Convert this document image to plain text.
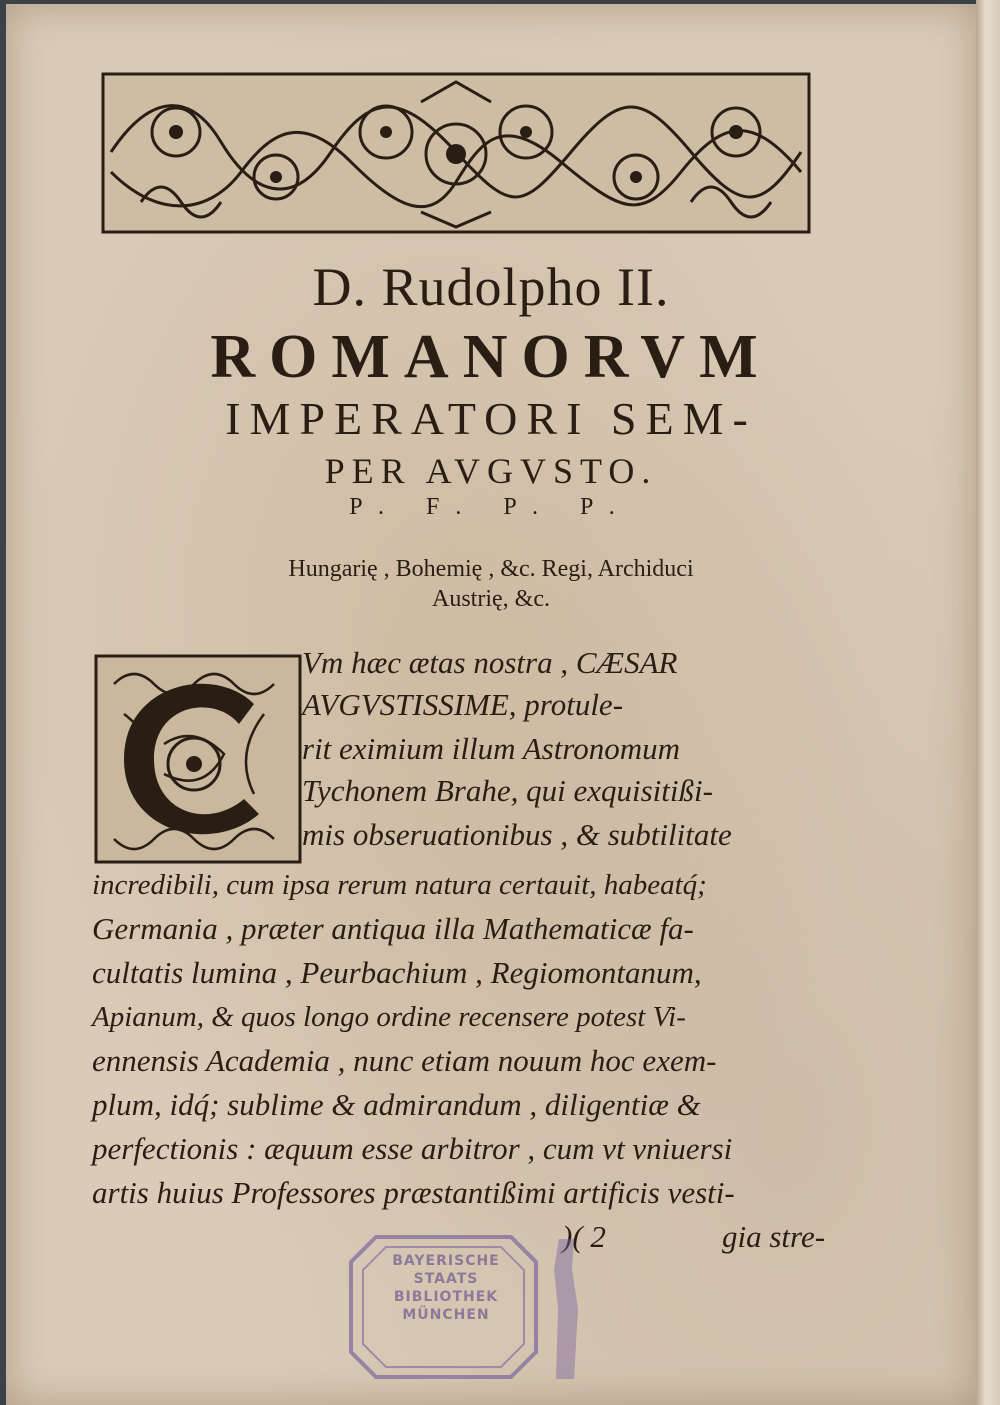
D. Rudolpho II.
ROMANORVM
IMPERATORI SEM-
PER AVGVSTO.
P. F. P. P.
Hungarię , Bohemię , &c. Regi, Archiduci
Austrię, &c.
Vm hæc ætas nostra , CÆSAR
AVGVSTISSIME, protule-
rit eximium illum Astronomum
Tychonem Brahe, qui exquisitißi-
mis obseruationibus , & subtilitate
incredibili, cum ipsa rerum natura certauit, habeatq́;
Germania , præter antiqua illa Mathematicæ fa-
cultatis lumina , Peurbachium , Regiomontanum,
Apianum, & quos longo ordine recensere potest Vi-
ennensis Academia , nunc etiam nouum hoc exem-
plum, idq́; sublime & admirandum , diligentiæ &
perfectionis : æquum esse arbitror , cum vt vniuersi
artis huius Professores præstantißimi artificis vesti-
)( 2	gia stre-
BAYERISCHE STAATS BIBLIOTHEK MÜNCHEN
